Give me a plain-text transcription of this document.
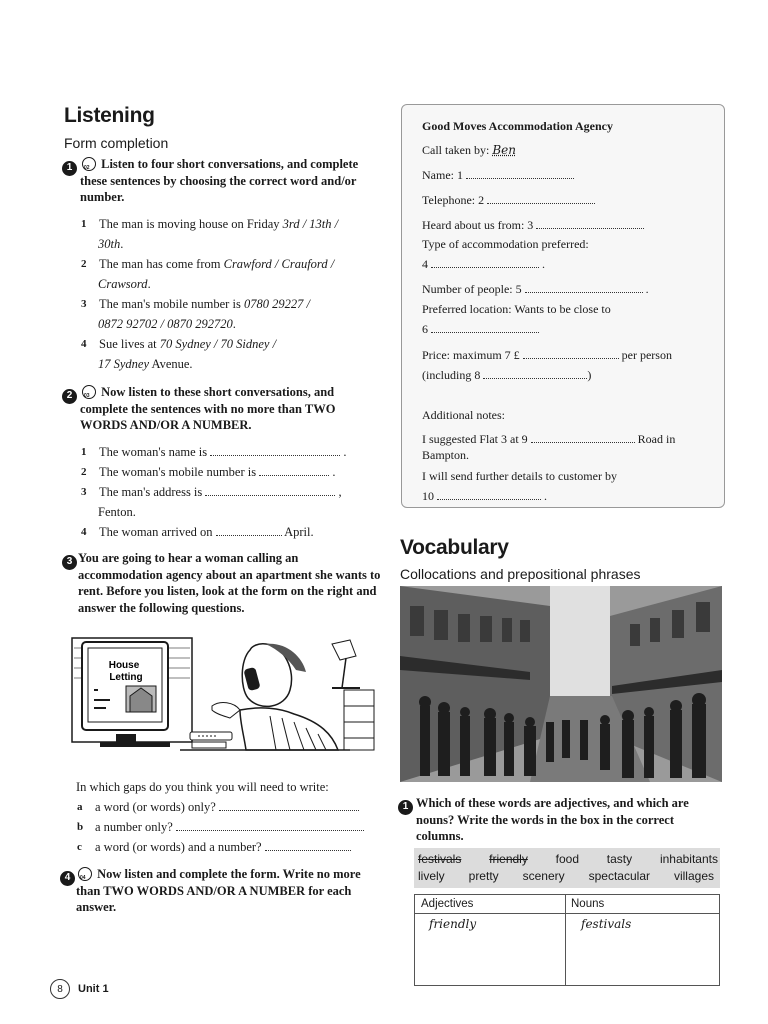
Listening
Form completion
1	02 Listen to four short conversations, and complete these sentences by choosing the correct word and/or number.
1	The man is moving house on Friday 3rd / 13th /
30th.
2	The man has come from Crawford / Crauford /
Crawsord.
3	The man's mobile number is 0780 29227 /
0872 92702 / 0870 292720.
4	Sue lives at 70 Sydney / 70 Sidney /
17 Sydney Avenue.
2	03 Now listen to these short conversations, and complete the sentences with no more than TWO WORDS AND/OR A NUMBER.
1	The woman's name is	.
2	The woman's mobile number is	.
3	The man's address is	,
Fenton.
4	The woman arrived on	April.
3 You are going to hear a woman calling an accommodation agency about an apartment she wants to rent. Before you listen, look at the form on the right and answer the following questions.
House
Letting
In which gaps do you think you will need to write:
a	a word (or words) only?
b a number only?
c	a word (or words) and a number?
4	04 Now listen and complete the form. Write no more than TWO WORDS AND/OR A NUMBER for each answer.
8	Unit 1
Good Moves Accommodation Agency
Call taken by: Ben
Name: 1
Telephone: 2
Heard about us from: 3
Type of accommodation preferred:
4	.
Number of people: 5	.
Preferred location: Wants to be close to
6
Price: maximum 7 £	per person
(including 8	)
Additional notes:
I suggested Flat 3 at 9	Road in
Bampton.
I will send further details to customer by
10	.
Vocabulary
Collocations and prepositional phrases
1 Which of these words are adjectives, and which are nouns? Write the words in the box in the correct columns.
festivals friendly food tasty inhabitants
lively pretty scenery spectacular villages
Adjectives	Nouns
friendly	festivals
